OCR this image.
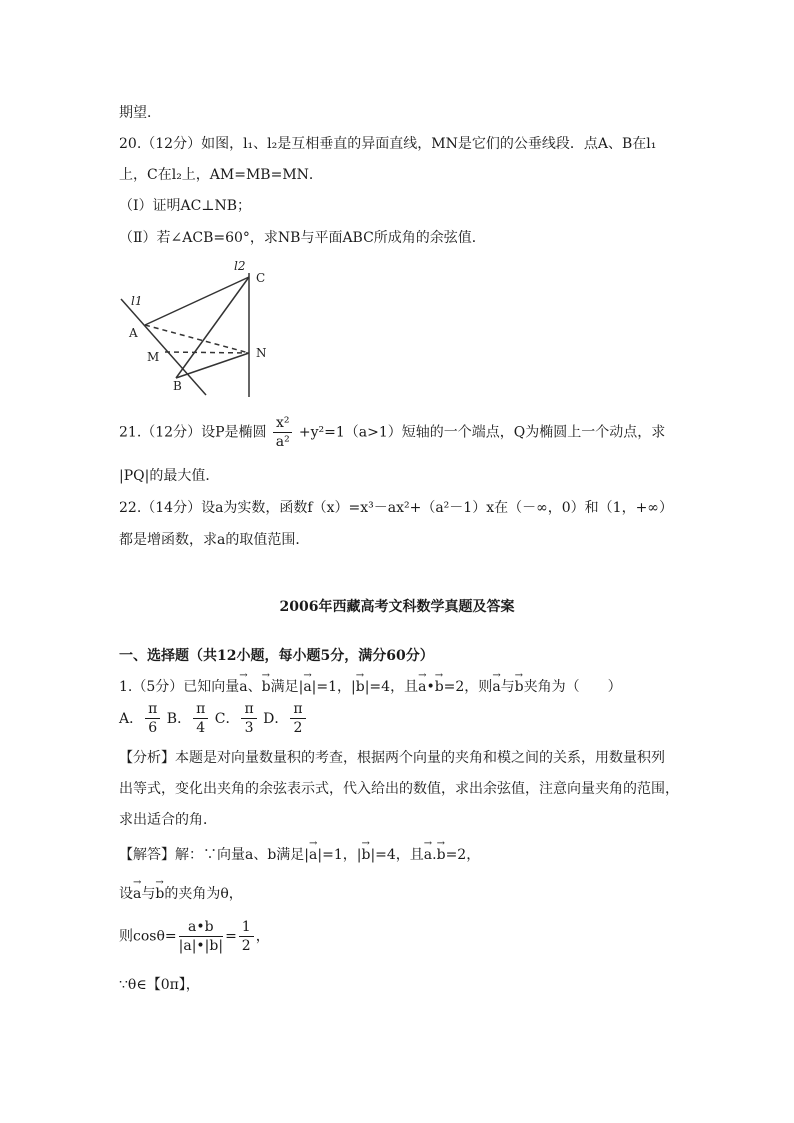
期望．
20.（12分）如图，l₁、l₂是互相垂直的异面直线，MN是它们的公垂线段．点A、B在l₁
上，C在l₂上，AM=MB=MN．
（Ⅰ）证明AC⊥NB；
（Ⅱ）若∠ACB=60°，求NB与平面ABC所成角的余弦值．
l1
l2
A
M
B
C
N
21.（12分）设P是椭圆 $\frac{\text{x²}}{\text{a²}} +y^2=1(a>1)$短轴的一个端点，Q为椭圆上一个动点，求
|PQ|的最大值．
22.（14分）设a为实数，函数f（x）=x³－ax²+（a²－1）x在（－∞，0）和（1，+∞）
都是增函数，求a的取值范围．
2006年西藏高考文科数学真题及答案
一、选择题（共12小题，每小题5分，满分60分）
1.（5分）已知向量→ a、→ b满足|→ a|=1，|→ b|=4，且→ a•→ b=2，则→ a与→ b夹角为（　　）
A． $\frac{\pi}{6}$ B． $\frac{\pi}{4}$ C． $\frac{\pi}{3}$ D． $\frac{\pi}{2}$
【分析】本题是对向量数量积的考查，根据两个向量的夹角和模之间的关系，用数量积列
出等式，变化出夹角的余弦表示式，代入给出的数值，求出余弦值，注意向量夹角的范围，
求出适合的角．
【解答】解：∵向量a、b满足|→ a|=1，|→ b|=4，且→ a.→ b=2，
设→ a与→ b的夹角为θ，
则$\cos\theta= \frac{a•b}{|a|•|b|} = \frac{1}{2}$ ，
∵θ∈【0π】，
